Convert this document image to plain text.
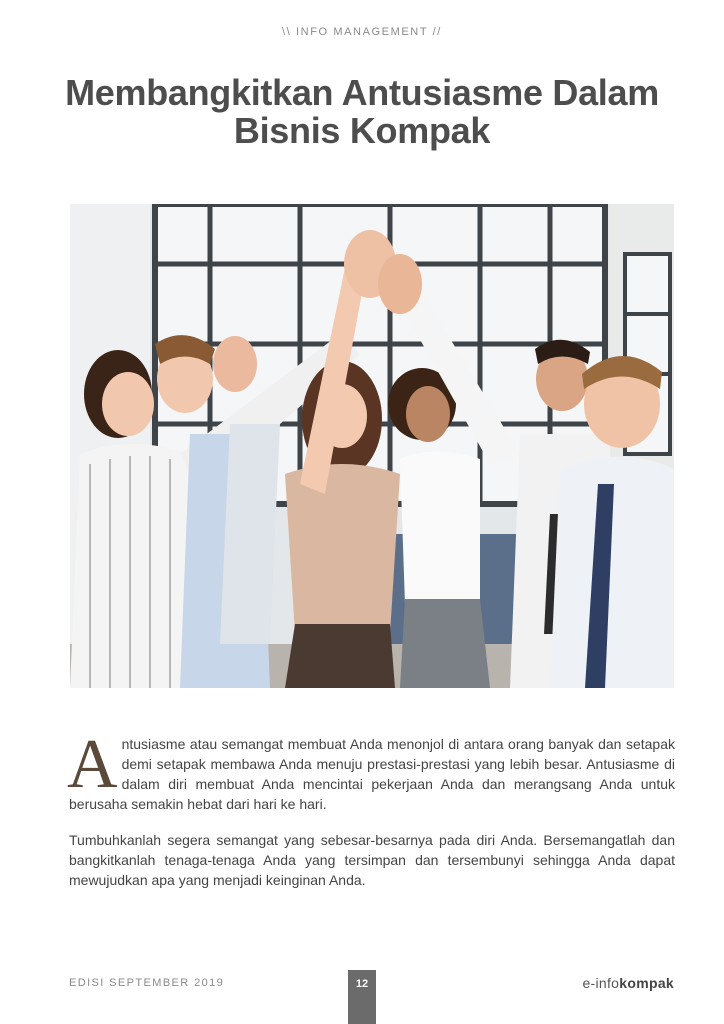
\\ INFO MANAGEMENT //
Membangkitkan Antusiasme Dalam Bisnis Kompak

Antusiasme atau semangat membuat Anda menonjol di antara orang banyak dan setapak demi setapak membawa Anda menuju prestasi-prestasi yang lebih besar. Antusiasme di dalam diri membuat Anda mencintai pekerjaan Anda dan merangsang Anda untuk berusaha semakin hebat dari hari ke hari.

Tumbuhkanlah segera semangat yang sebesar-besarnya pada diri Anda. Bersemangatlah dan bangkitkanlah tenaga-tenaga Anda yang tersimpan dan tersembunyi sehingga Anda dapat mewujudkan apa yang menjadi keinginan Anda.

EDISI SEPTEMBER 2019	12	e-infokompak
